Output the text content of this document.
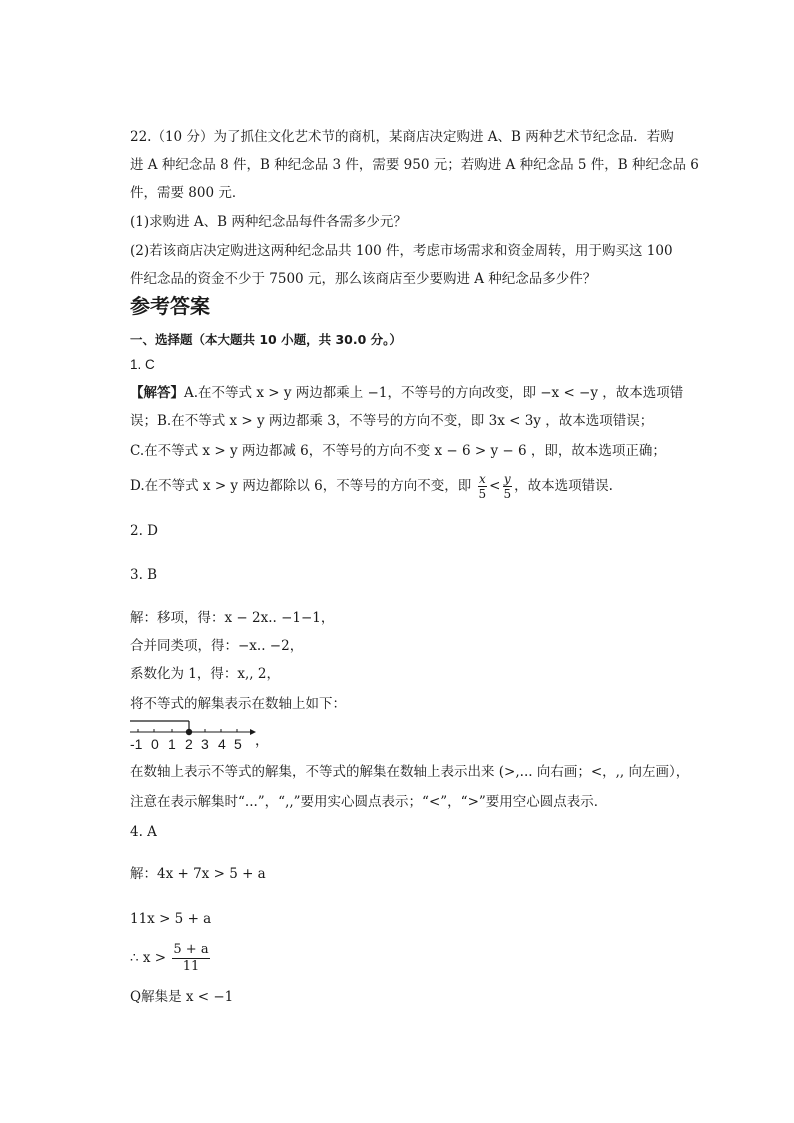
22.（10 分）为了抓住文化艺术节的商机，某商店决定购进 A、B 两种艺术节纪念品．若购
进 A 种纪念品 8 件，B 种纪念品 3 件，需要 950 元；若购进 A 种纪念品 5 件，B 种纪念品 6
件，需要 800 元．
(1)求购进 A、B 两种纪念品每件各需多少元？
(2)若该商店决定购进这两种纪念品共 100 件，考虑市场需求和资金周转，用于购买这 100
件纪念品的资金不少于 7500 元，那么该商店至少要购进 A 种纪念品多少件？
参考答案
一、选择题（本大题共 10 小题，共 30.0 分。）
1. C
【解答】A.在不等式 x > y 两边都乘上 −1，不等号的方向改变，即 −x < −y ，故本选项错
误；B.在不等式 x > y 两边都乘 3，不等号的方向不变，即 3x < 3y ，故本选项错误；
C.在不等式 x > y 两边都减 6，不等号的方向不变 x − 6 > y − 6 ，即，故本选项正确；
D.在不等式 x > y 两边都除以 6，不等号的方向不变，即 $\frac{x}{5} < \frac{y}{5}$ ，故本选项错误.
2. D
3. B
解：移项，得：x − 2x.. −1−1，
合并同类项，得：−x.. −2，
系数化为 1，得：x,, 2，
将不等式的解集表示在数轴上如下：
-1 0 1 2 3 4 5 ，
在数轴上表示不等式的解集，不等式的解集在数轴上表示出来 (>,... 向右画；<，,, 向左画），
注意在表示解集时“...”，“,,”要用实心圆点表示；“<”，“>”要用空心圆点表示．
4. A
解：4x + 7x > 5 + a
11x > 5 + a
∴ $x > \frac{5 + a}{11}$
Q解集是 x < −1
